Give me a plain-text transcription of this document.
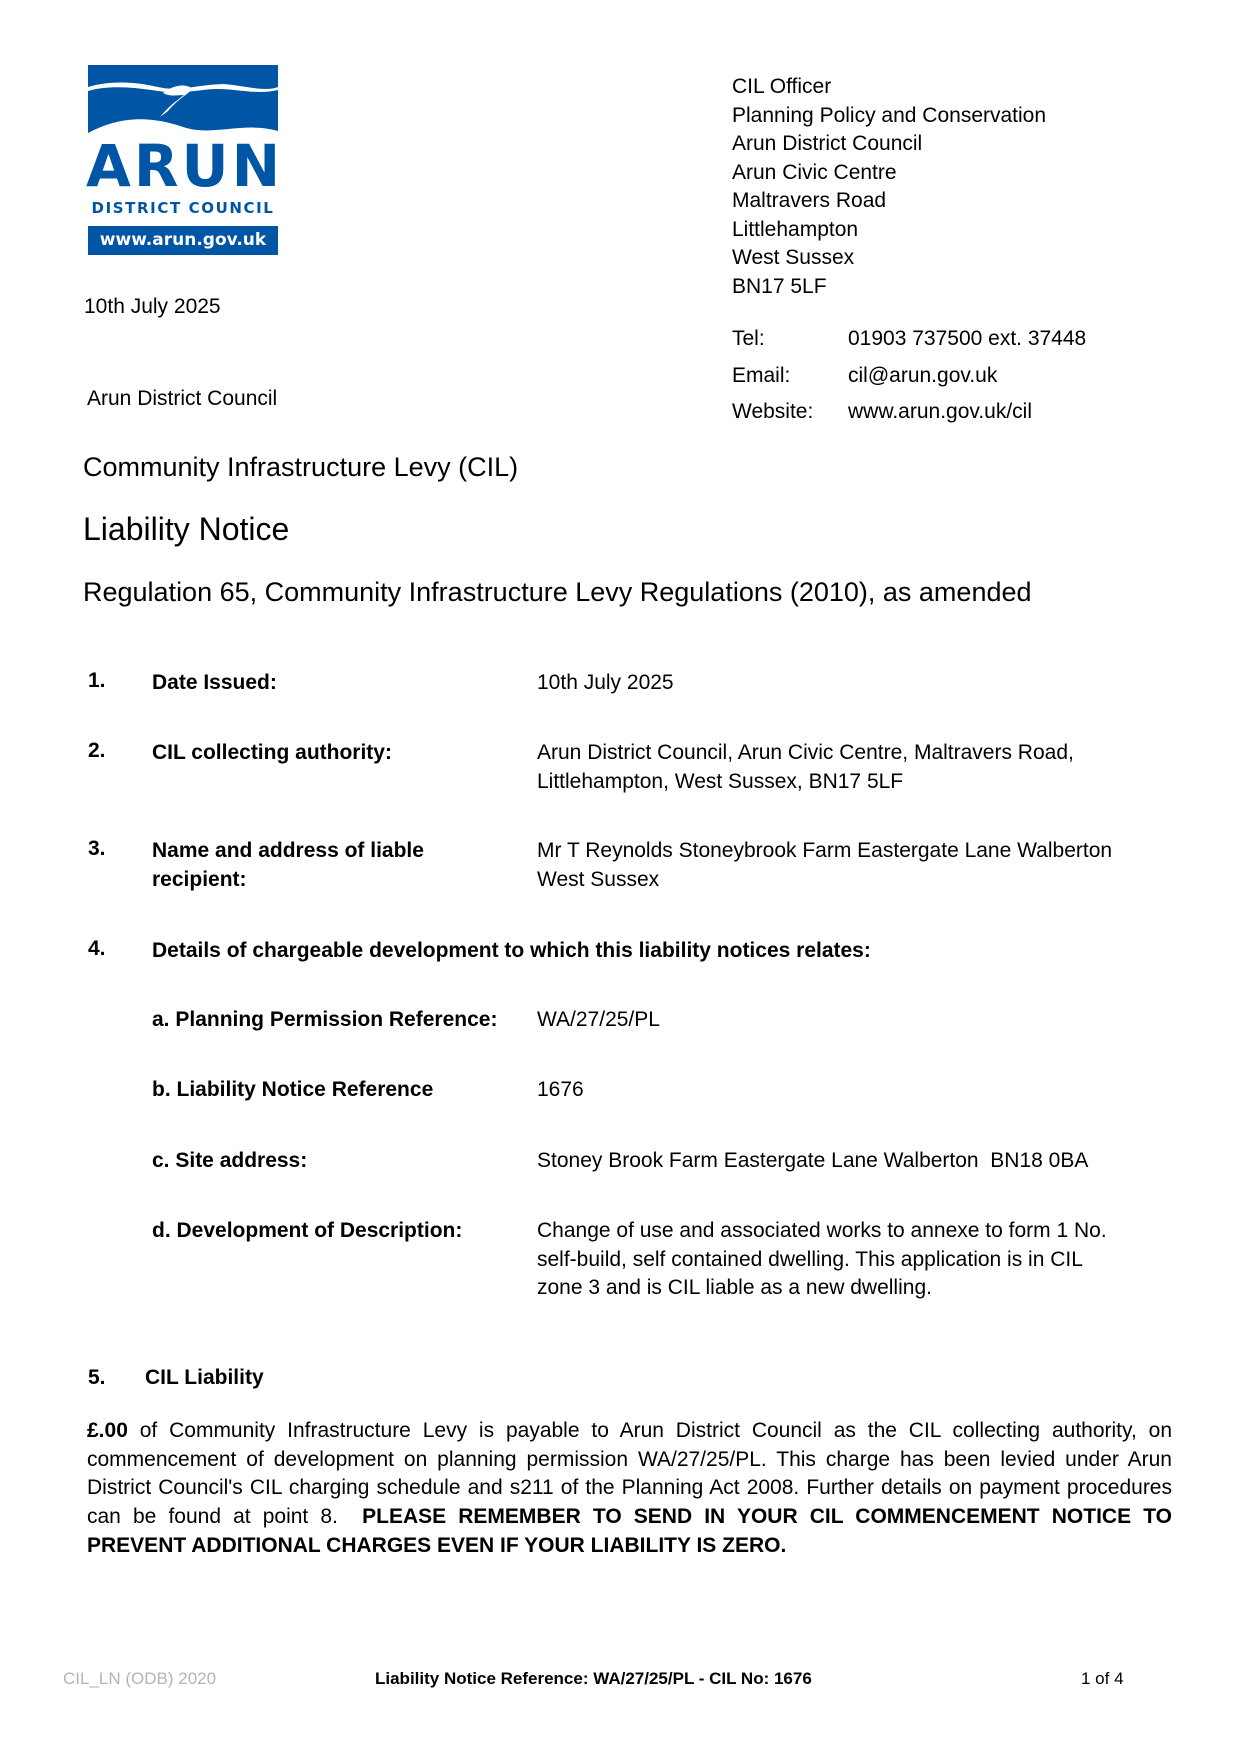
ARUN
DISTRICT COUNCIL
www.arun.gov.uk
10th July 2025
Arun District Council
CIL Officer
Planning Policy and Conservation
Arun District Council
Arun Civic Centre
Maltravers Road
Littlehampton
West Sussex
BN17 5LF
Tel:	01903 737500 ext. 37448
Email:	cil@arun.gov.uk
Website: www.arun.gov.uk/cil
Community Infrastructure Levy (CIL)
Liability Notice
Regulation 65, Community Infrastructure Levy Regulations (2010), as amended
1. Date Issued:	10th July 2025
2. CIL collecting authority:	Arun District Council, Arun Civic Centre, Maltravers Road,
Littlehampton, West Sussex, BN17 5LF
3. Name and address of liable
recipient:
Mr T Reynolds Stoneybrook Farm Eastergate Lane Walberton
West Sussex
4. Details of chargeable development to which this liability notices relates:
a. Planning Permission Reference: WA/27/25/PL
b. Liability Notice Reference	1676
c. Site address:	Stoney Brook Farm Eastergate Lane Walberton  BN18 0BA
d. Development of Description:	Change of use and associated works to annexe to form 1 No.
self-build, self contained dwelling. This application is in CIL
zone 3 and is CIL liable as a new dwelling.
5. CIL Liability
£.00 of Community Infrastructure Levy is payable to Arun District Council as the CIL collecting authority, on commencement of development on planning permission WA/27/25/PL. This charge has been levied under Arun District Council's CIL charging schedule and s211 of the Planning Act 2008. Further details on payment procedures can be found at point 8.  PLEASE REMEMBER TO SEND IN YOUR CIL COMMENCEMENT NOTICE TO PREVENT ADDITIONAL CHARGES EVEN IF YOUR LIABILITY IS ZERO.
CIL_LN (ODB) 2020	Liability Notice Reference: WA/27/25/PL - CIL No: 1676	1 of 4
